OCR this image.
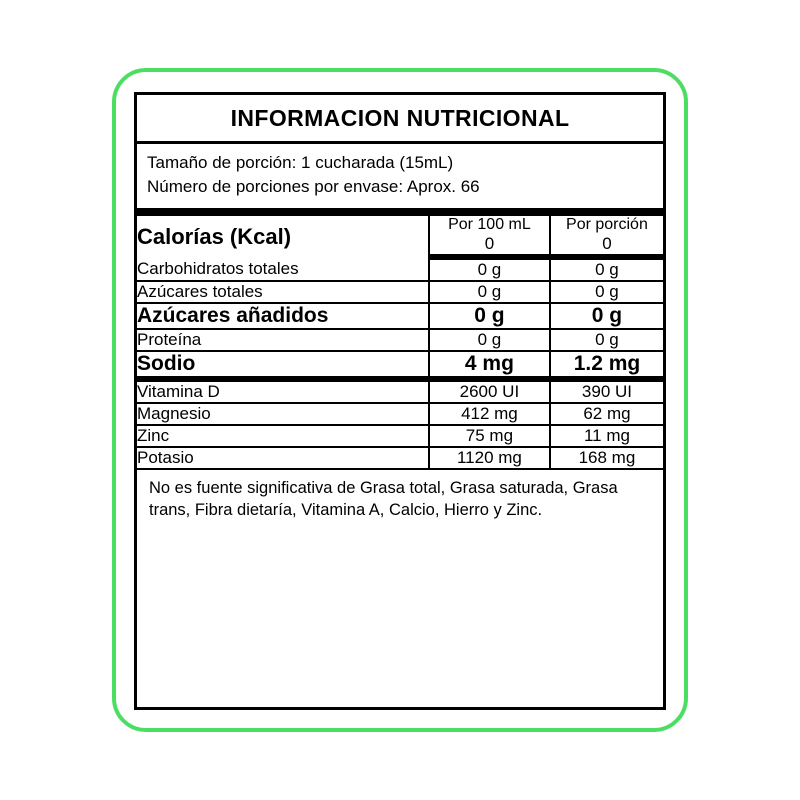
INFORMACION NUTRICIONAL
Tamaño de porción: 1 cucharada (15mL)
Número de porciones por envase: Aprox. 66
Calorías (Kcal)	Por 100 mL	Por porción
	0	0
Carbohidratos totales	0 g	0 g
Azúcares totales	0 g	0 g
Azúcares añadidos	0 g	0 g
Proteína	0 g	0 g
Sodio	4 mg	1.2 mg
Vitamina D	2600 UI	390 UI
Magnesio	412 mg	62 mg
Zinc	75 mg	11 mg
Potasio	1120 mg	168 mg
No es fuente significativa de Grasa total, Grasa saturada, Grasa trans, Fibra dietaría, Vitamina A, Calcio, Hierro y Zinc.
